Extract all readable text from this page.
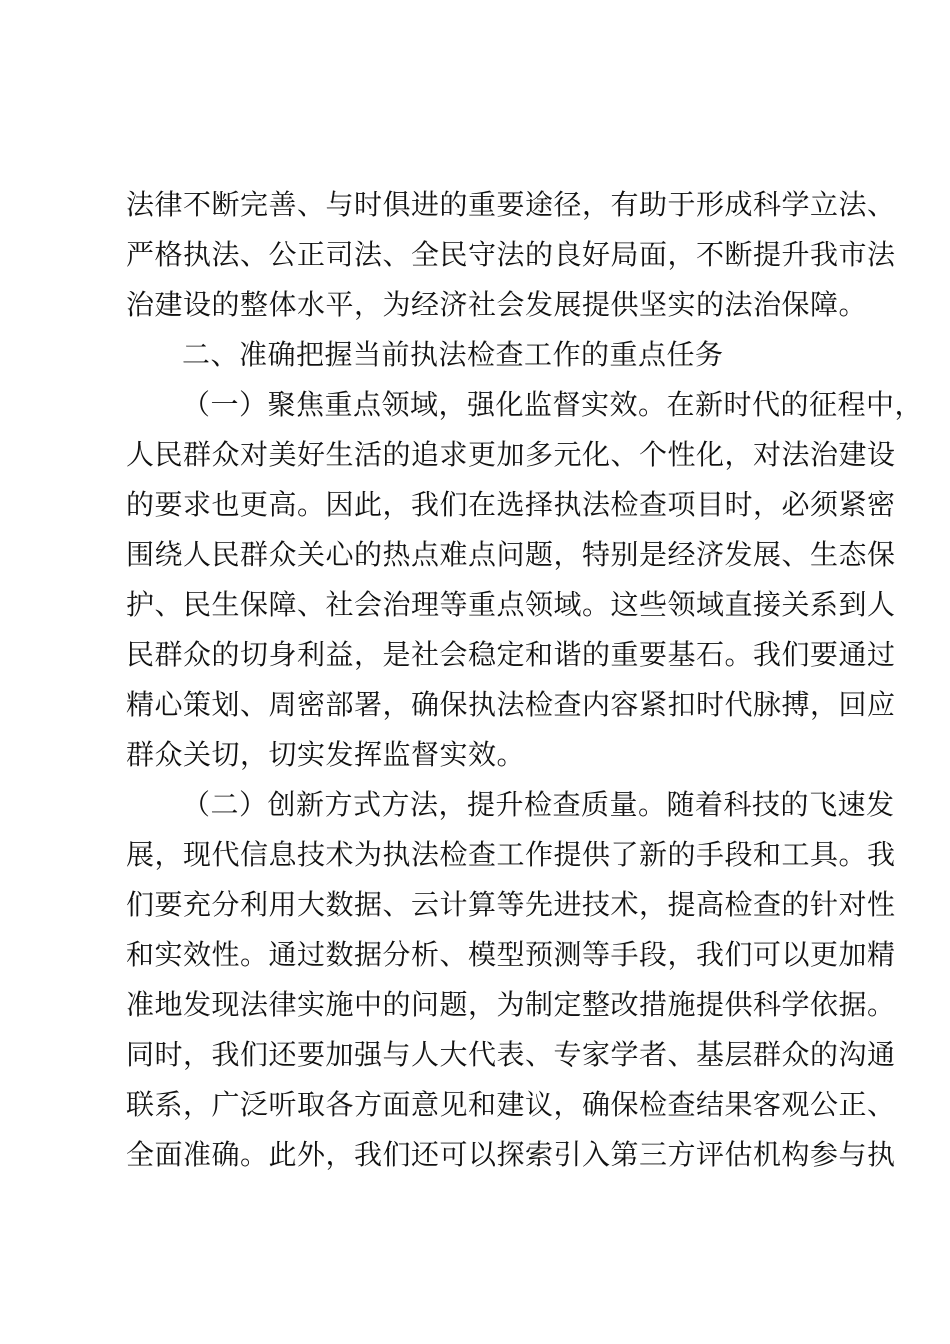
法律不断完善、与时俱进的重要途径，有助于形成科学立法、
严格执法、公正司法、全民守法的良好局面，不断提升我市法
治建设的整体水平，为经济社会发展提供坚实的法治保障。
二、准确把握当前执法检查工作的重点任务
（一）聚焦重点领域，强化监督实效。在新时代的征程中，
人民群众对美好生活的追求更加多元化、个性化，对法治建设
的要求也更高。因此，我们在选择执法检查项目时，必须紧密
围绕人民群众关心的热点难点问题，特别是经济发展、生态保
护、民生保障、社会治理等重点领域。这些领域直接关系到人
民群众的切身利益，是社会稳定和谐的重要基石。我们要通过
精心策划、周密部署，确保执法检查内容紧扣时代脉搏，回应
群众关切，切实发挥监督实效。
（二）创新方式方法，提升检查质量。随着科技的飞速发
展，现代信息技术为执法检查工作提供了新的手段和工具。我
们要充分利用大数据、云计算等先进技术，提高检查的针对性
和实效性。通过数据分析、模型预测等手段，我们可以更加精
准地发现法律实施中的问题，为制定整改措施提供科学依据。
同时，我们还要加强与人大代表、专家学者、基层群众的沟通
联系，广泛听取各方面意见和建议，确保检查结果客观公正、
全面准确。此外，我们还可以探索引入第三方评估机构参与执
